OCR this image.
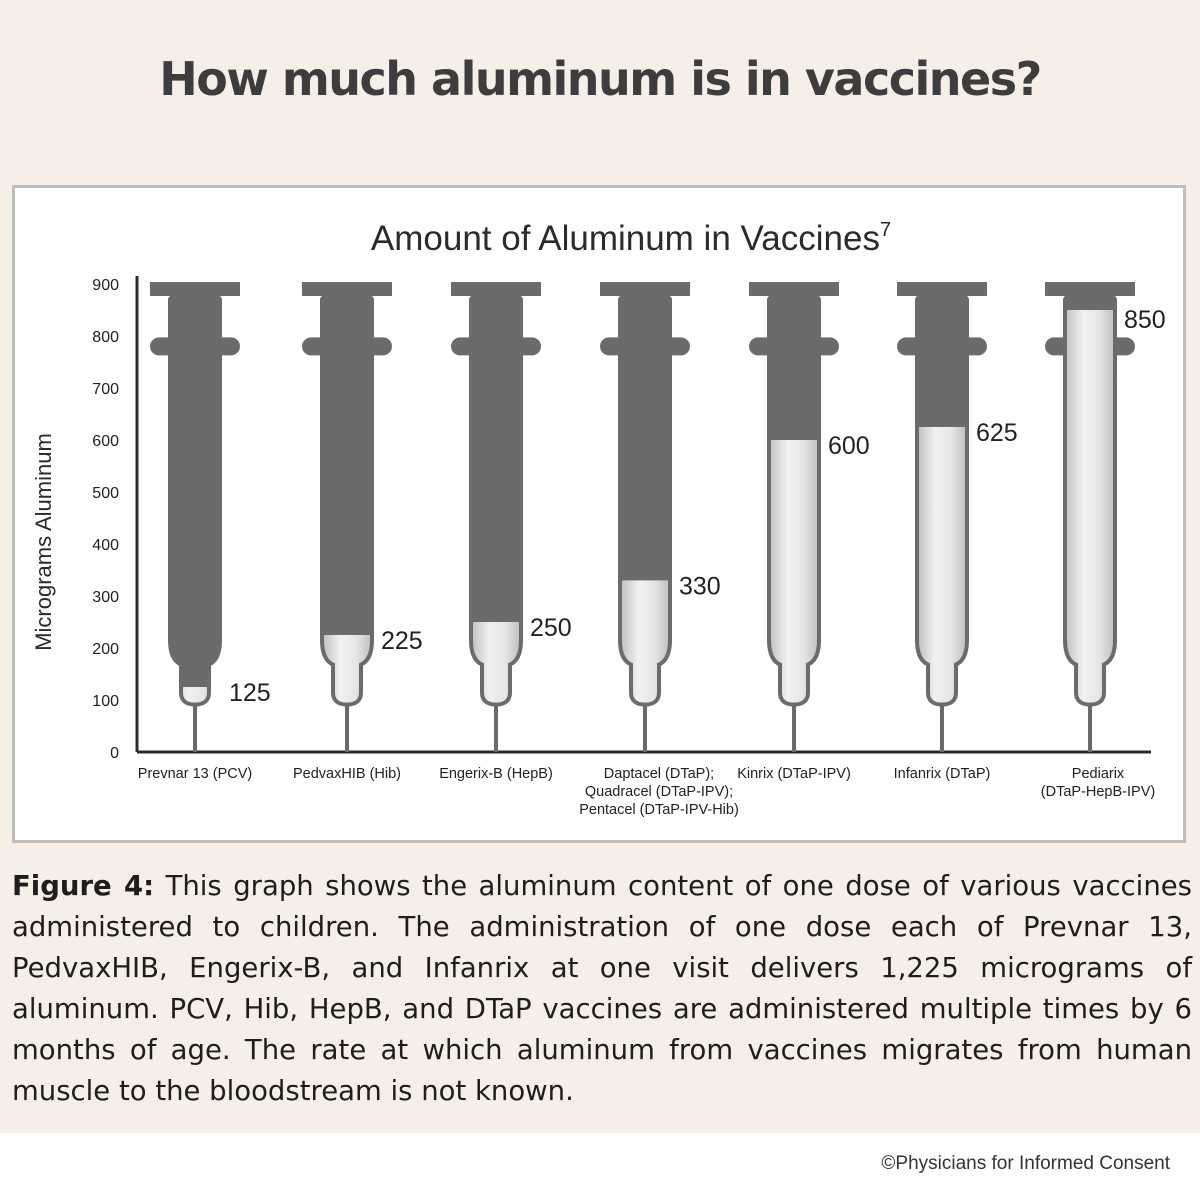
How much aluminum is in vaccines?
Amount of Aluminum in Vaccines$^7$
Micrograms Aluminum
0
100
200
300
400
500
600
700
800
900
125
Prevnar 13 (PCV)
225
PedvaxHIB (Hib)
250
Engerix-B (HepB)
330
Daptacel (DTaP);
Quadracel (DTaP-IPV);
Pentacel (DTaP-IPV-Hib)
600
Kinrix (DTaP-IPV)
625
Infanrix (DTaP)
850
Pediarix
(DTaP-HepB-IPV)

Figure 4: This graph shows the aluminum content of one dose of various vaccines administered to children. The administration of one dose each of Prevnar 13, PedvaxHIB, Engerix-B, and Infanrix at one visit delivers 1,225 micrograms of aluminum. PCV, Hib, HepB, and DTaP vaccines are administered multiple times by 6 months of age. The rate at which aluminum from vaccines migrates from human muscle to the bloodstream is not known.

©Physicians for Informed Consent
